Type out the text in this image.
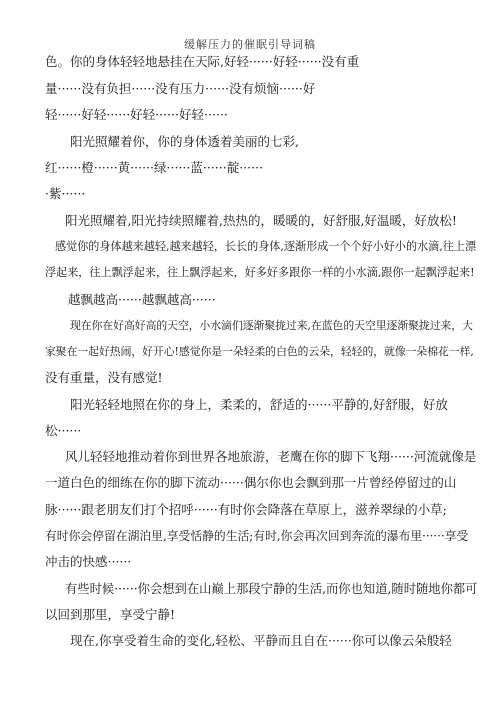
缓解压力的催眠引导词稿
色。你的身体轻轻地悬挂在天际,好轻······好轻······没有重
量······没有负担······没有压力······没有烦恼······好
轻······好轻······好轻······好轻······
阳光照耀着你，你的身体透着美丽的七彩,
红······橙······黄······绿······蓝······靛······
·紫······
阳光照耀着,阳光持续照耀着,热热的，暖暖的，好舒服,好温暖，好放松!
感觉你的身体越来越轻,越来越轻，长长的身体,逐渐形成一个个好小好小的水滴,往上漂
浮起来，往上飘浮起来，往上飘浮起来，好多好多跟你一样的小水滴,跟你一起飘浮起来!
越飘越高······越飘越高······
现在你在好高好高的天空，小水滴们逐渐聚拢过来,在蓝色的天空里逐渐聚拢过来，大
家聚在一起好热闹，好开心!感觉你是一朵轻柔的白色的云朵，轻轻的，就像一朵棉花一样,
没有重量，没有感觉!
阳光轻轻地照在你的身上，柔柔的，舒适的······平静的,好舒服，好放
松······
风儿轻轻地推动着你到世界各地旅游，老鹰在你的脚下飞翔······河流就像是
一道白色的细练在你的脚下流动······偶尔你也会飘到那一片曾经停留过的山
脉······跟老朋友们打个招呼······有时你会降落在草原上，滋养翠绿的小草;
有时你会停留在湖泊里,享受恬静的生活;有时,你会再次回到奔流的瀑布里······享受
冲击的快感······
有些时候······你会想到在山巅上那段宁静的生活,而你也知道,随时随地你都可
以回到那里，享受宁静!
现在,你享受着生命的变化,轻松、平静而且自在······你可以像云朵般轻
